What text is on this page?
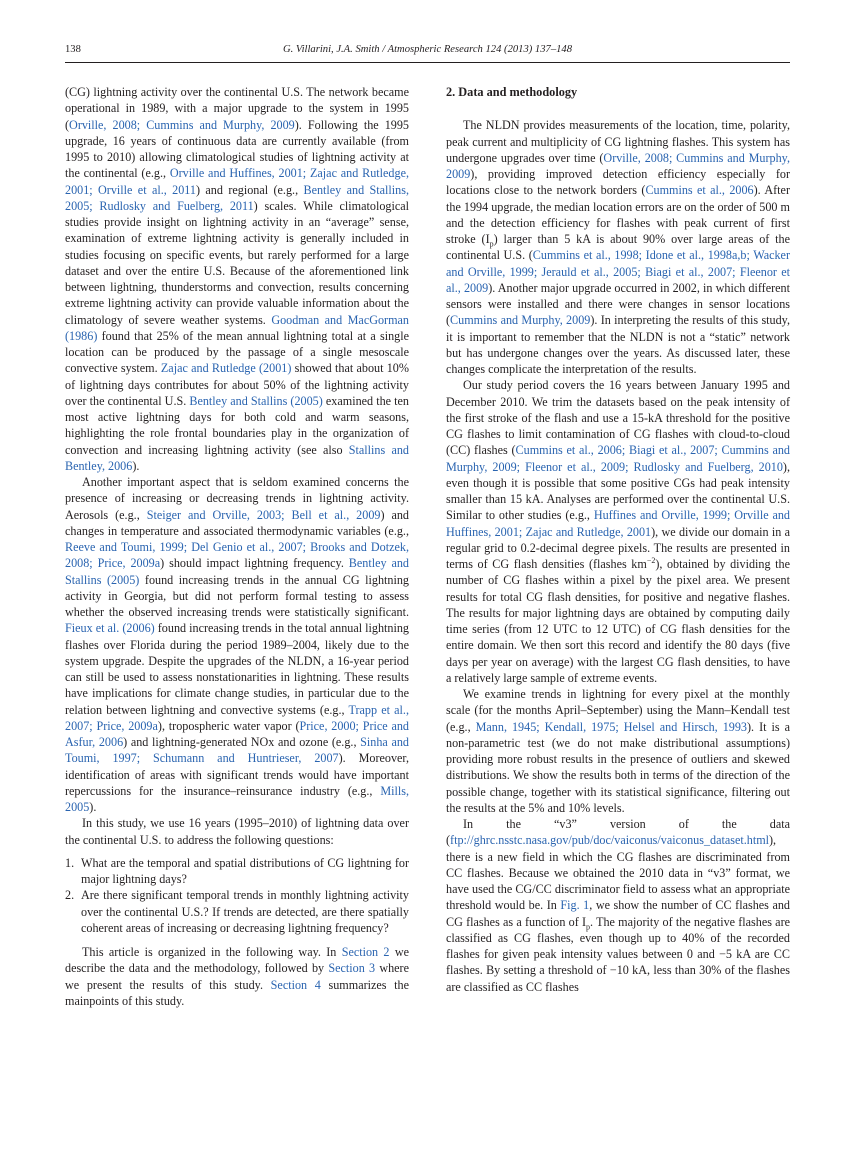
138	G. Villarini, J.A. Smith / Atmospheric Research 124 (2013) 137–148

(CG) lightning activity over the continental U.S. The network became operational in 1989, with a major upgrade to the system in 1995 (Orville, 2008; Cummins and Murphy, 2009). Following the 1995 upgrade, 16 years of continuous data are currently available (from 1995 to 2010) allowing climatological studies of lightning activity at the continental (e.g., Orville and Huffines, 2001; Zajac and Rutledge, 2001; Orville et al., 2011) and regional (e.g., Bentley and Stallins, 2005; Rudlosky and Fuelberg, 2011) scales. While climatological studies provide insight on lightning activity in an “average” sense, examination of extreme lightning activity is generally included in studies focusing on specific events, but rarely performed for a large dataset and over the entire U.S. Because of the aforementioned link between lightning, thunderstorms and convection, results concerning extreme lightning activity can provide valuable information about the climatology of severe weather systems. Goodman and MacGorman (1986) found that 25% of the mean annual lightning total at a single location can be produced by the passage of a single mesoscale convective system. Zajac and Rutledge (2001) showed that about 10% of lightning days contributes for about 50% of the lightning activity over the continental U.S. Bentley and Stallins (2005) examined the ten most active lightning days for both cold and warm seasons, highlighting the role frontal boundaries play in the organization of convection and increasing lightning activity (see also Stallins and Bentley, 2006).

Another important aspect that is seldom examined concerns the presence of increasing or decreasing trends in lightning activity. Aerosols (e.g., Steiger and Orville, 2003; Bell et al., 2009) and changes in temperature and associated thermodynamic variables (e.g., Reeve and Toumi, 1999; Del Genio et al., 2007; Brooks and Dotzek, 2008; Price, 2009a) should impact lightning frequency. Bentley and Stallins (2005) found increasing trends in the annual CG lightning activity in Georgia, but did not perform formal testing to assess whether the observed increasing trends were statistically significant. Fieux et al. (2006) found increasing trends in the total annual lightning flashes over Florida during the period 1989–2004, likely due to the system upgrade. Despite the upgrades of the NLDN, a 16-year period can still be used to assess nonstationarities in lightning. These results have implications for climate change studies, in particular due to the relation between lightning and convective systems (e.g., Trapp et al., 2007; Price, 2009a), tropospheric water vapor (Price, 2000; Price and Asfur, 2006) and lightning-generated NOx and ozone (e.g., Sinha and Toumi, 1997; Schumann and Huntrieser, 2007). Moreover, identification of areas with significant trends would have important repercussions for the insurance–reinsurance industry (e.g., Mills, 2005).

In this study, we use 16 years (1995–2010) of lightning data over the continental U.S. to address the following questions:

1. What are the temporal and spatial distributions of CG lightning for major lightning days?
2. Are there significant temporal trends in monthly lightning activity over the continental U.S.? If trends are detected, are there spatially coherent areas of increasing or decreasing lightning frequency?

This article is organized in the following way. In Section 2 we describe the data and the methodology, followed by Section 3 where we present the results of this study. Section 4 summarizes the mainpoints of this study.

2. Data and methodology

The NLDN provides measurements of the location, time, polarity, peak current and multiplicity of CG lightning flashes. This system has undergone upgrades over time (Orville, 2008; Cummins and Murphy, 2009), providing improved detection efficiency especially for locations close to the network borders (Cummins et al., 2006). After the 1994 upgrade, the median location errors are on the order of 500 m and the detection efficiency for flashes with peak current of first stroke $(I_p)$ larger than 5 kA is about 90% over large areas of the continental U.S. (Cummins et al., 1998; Idone et al., 1998a,b; Wacker and Orville, 1999; Jerauld et al., 2005; Biagi et al., 2007; Fleenor et al., 2009). Another major upgrade occurred in 2002, in which different sensors were installed and there were changes in sensor locations (Cummins and Murphy, 2009). In interpreting the results of this study, it is important to remember that the NLDN is not a “static” network but has undergone changes over the years. As discussed later, these changes complicate the interpretation of the results.

Our study period covers the 16 years between January 1995 and December 2010. We trim the datasets based on the peak intensity of the first stroke of the flash and use a 15-kA threshold for the positive CG flashes to limit contamination of CG flashes with cloud-to-cloud (CC) flashes (Cummins et al., 2006; Biagi et al., 2007; Cummins and Murphy, 2009; Fleenor et al., 2009; Rudlosky and Fuelberg, 2010), even though it is possible that some positive CGs had peak intensity smaller than 15 kA. Analyses are performed over the continental U.S. Similar to other studies (e.g., Huffines and Orville, 1999; Orville and Huffines, 2001; Zajac and Rutledge, 2001), we divide our domain in a regular grid to 0.2-decimal degree pixels. The results are presented in terms of CG flash densities (flashes $km^{-2}$), obtained by dividing the number of CG flashes within a pixel by the pixel area. We present results for total CG flash densities, for positive and negative flashes. The results for major lightning days are obtained by computing daily time series (from 12 UTC to 12 UTC) of CG flash densities for the entire domain. We then sort this record and identify the 80 days (five days per year on average) with the largest CG flash densities, to have a relatively large sample of extreme events.

We examine trends in lightning for every pixel at the monthly scale (for the months April–September) using the Mann–Kendall test (e.g., Mann, 1945; Kendall, 1975; Helsel and Hirsch, 1993). It is a non-parametric test (we do not make distributional assumptions) providing more robust results in the presence of outliers and skewed distributions. We show the results both in terms of the direction of the possible change, together with its statistical significance, filtering out the results at the 5% and 10% levels.

In the “v3” version of the data (ftp://ghrc.nsstc.nasa.gov/pub/doc/vaiconus/vaiconus_dataset.html), there is a new field in which the CG flashes are discriminated from CC flashes. Because we obtained the 2010 data in “v3” format, we have used the CG/CC discriminator field to assess what an appropriate threshold would be. In Fig. 1, we show the number of CC flashes and CG flashes as a function of $I_p$. The majority of the negative flashes are classified as CG flashes, even though up to 40% of the recorded flashes for given peak intensity values between 0 and −5 kA are CC flashes. By setting a threshold of −10 kA, less than 30% of the flashes are classified as CC flashes
